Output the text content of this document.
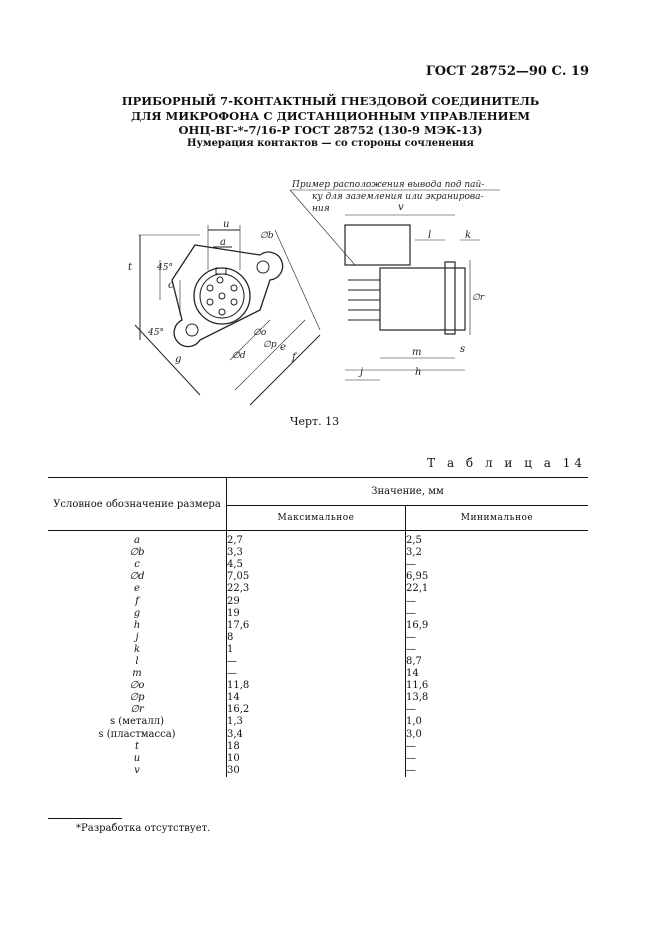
ГОСТ 28752—90 С. 19
ПРИБОРНЫЙ 7-КОНТАКТНЫЙ ГНЕЗДОВОЙ СОЕДИНИТЕЛЬ
ДЛЯ МИКРОФОНА С ДИСТАНЦИОННЫМ УПРАВЛЕНИЕМ
ОНЦ-ВГ-*-7/16-Р ГОСТ 28752 (130-9 МЭК-13)
Нумерация контактов — со стороны сочленения
u
a
∅b
t	45°
c
45°
g
∅o
∅p
∅d
e
f
Пример расположения вывода под пай-
ку для заземления или экранирова-
ния	v
l	k
∅r
m	s
j	h
Черт. 13
Т а б л и ц а 14
Условное обозначение размера	Значение, мм	
	Максимальное	Минимальное
a	2,7	2,5
∅b	3,3	3,2
c	4,5	—
∅d	7,05	6,95
e	22,3	22,1
f	29	—
g	19	—
h	17,6	16,9
j	8	—
k	1	—
l	—	8,7
m	—	14
∅o	11,8	11,6
∅p	14	13,8
∅r	16,2	—
s (металл)	1,3	1,0
s (пластмасса)	3,4	3,0
t	18	—
u	10	—
v	30	—
*Разработка отсутствует.
